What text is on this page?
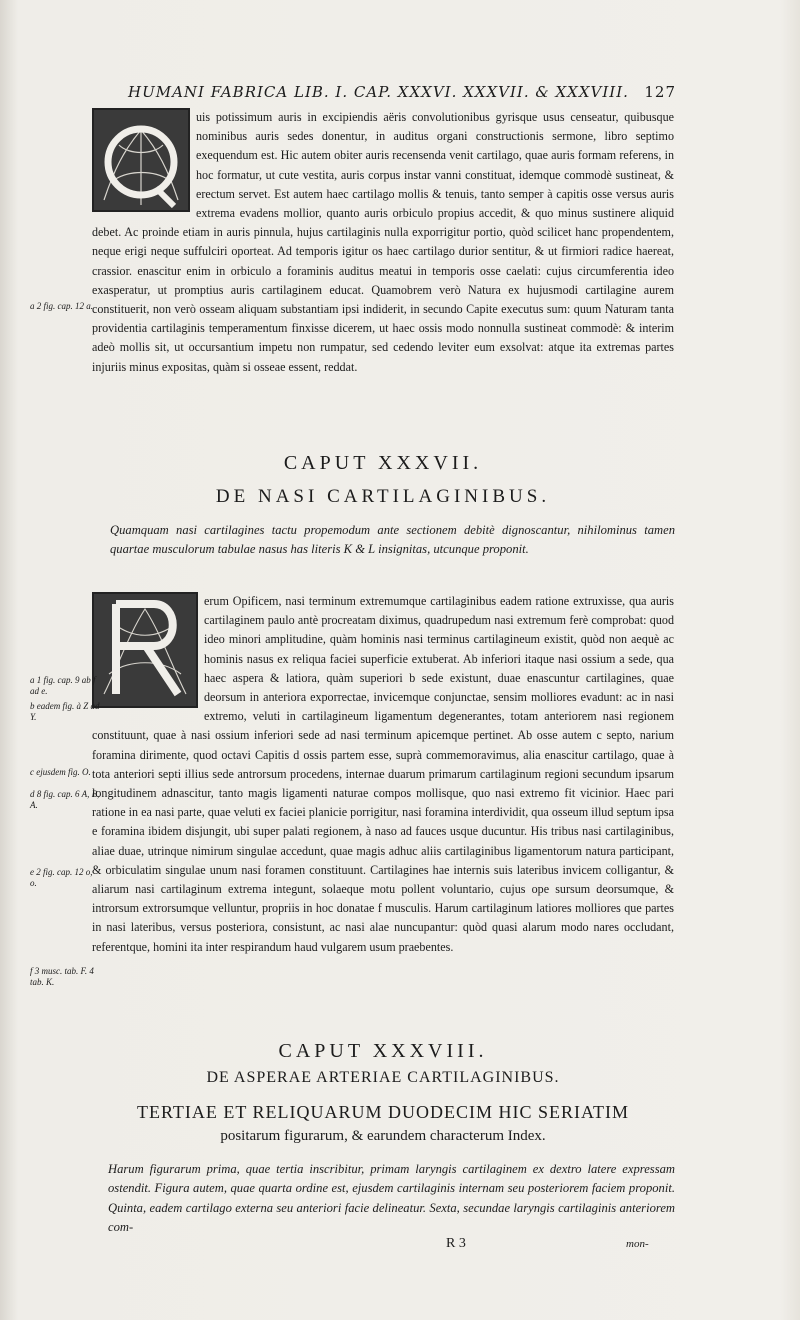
HUMANI FABRICA LIB. I. CAP. XXXVI. XXXVII. & XXXVIII. 127
uis potissimum auris in excipiendis aëris convolutionibus gyrisque usus censeatur, quibusque nominibus auris sedes donentur, in auditus organi constructionis sermone, libro septimo exequendum est. Hic autem obiter auris recensenda venit cartilago, quae auris formam referens, in hoc formatur, ut cute vestita, auris corpus instar vanni constituat, idemque commodè sustineat, & erectum servet. Est autem haec cartilago mollis & tenuis, tanto semper à capitis osse versus auris extrema evadens mollior, quanto auris orbiculo propius accedit, & quo minus sustinere aliquid debet. Ac proinde etiam in auris pinnula, hujus cartilaginis nulla exporrigitur portio, quòd scilicet hanc propendentem, neque erigi neque suffulciri oporteat. Ad temporis igitur os haec cartilago durior sentitur, & ut firmiori radice haereat, crassior. enascitur enim in orbiculo a foraminis auditus meatui in temporis osse caelati: cujus circumferentia ideo exasperatur, ut promptius auris cartilaginem educat. Quamobrem verò Natura ex hujusmodi cartilagine aurem constituerit, non verò osseam aliquam substantiam ipsi indiderit, in secundo Capite executus sum: quum Naturam tanta providentia cartilaginis temperamentum finxisse dicerem, ut haec ossis modo nonnulla sustineat commodè: & interim adeò mollis sit, ut occursantium impetu non rumpatur, sed cedendo leviter eum exsolvat: atque ita extremas partes injuriis minus expositas, quàm si osseae essent, reddat.
a 2 fig. cap. 12 a.
CAPUT XXXVII.
DE NASI CARTILAGINIBUS.
Quamquam nasi cartilagines tactu propemodum ante sectionem debitè dignoscantur, nihilominus tamen quartae musculorum tabulae nasus has literis K & L insignitas, utcunque proponit.
erum Opificem, nasi terminum extremumque cartilaginibus eadem ratione extruxisse, qua auris cartilaginem paulo antè procreatam diximus, quadrupedum nasi extremum ferè comprobat: quod ideo minori amplitudine, quàm hominis nasi terminus cartilagineum existit, quòd non aequè ac hominis nasus ex reliqua faciei superficie extuberat. Ab inferiori itaque nasi ossium a sede, qua haec aspera & latiora, quàm superiori b sede existunt, duae enascuntur cartilagines, quae deorsum in anteriora exporrectae, invicemque conjunctae, sensim molliores evadunt: ac in nasi extremo, veluti in cartilagineum ligamentum degenerantes, totam anteriorem nasi regionem constituunt, quae à nasi ossium inferiori sede ad nasi terminum apicemque pertinet. Ab osse autem c septo, narium foramina dirimente, quod octavi Capitis d ossis partem esse, suprà commemoravimus, alia enascitur cartilago, quae à tota anteriori septi illius sede antrorsum procedens, internae duarum primarum cartilaginum regioni secundum ipsarum longitudinem adnascitur, tanto magis ligamenti naturae compos mollisque, quo nasi extremo fit vicinior. Haec pari ratione in ea nasi parte, quae veluti ex faciei planicie porrigitur, nasi foramina interdividit, qua osseum illud septum ipsa e foramina ibidem disjungit, ubi super palati regionem, à naso ad fauces usque ducuntur. His tribus nasi cartilaginibus, aliae duae, utrinque nimirum singulae accedunt, quae magis adhuc aliis cartilaginibus ligamentorum natura participant, & orbiculatim singulae unum nasi foramen constituunt. Cartilagines hae internis suis lateribus invicem colligantur, & aliarum nasi cartilaginum extrema integunt, solaeque motu pollent voluntario, cujus ope sursum deorsumque, & introrsum extrorsumque velluntur, propriis in hoc donatae f musculis. Harum cartilaginum latiores molliores que partes in nasi lateribus, versus posteriora, consistunt, ac nasi alae nuncupantur: quòd quasi alarum modo nares occludant, referentque, homini ita inter respirandum haud vulgarem usum praebentes.
a 1 fig. cap. 9 ab f ad e.
b eadem fig. à Z ad Y.
c ejusdem fig. O.
d 8 fig. cap. 6 A, B, A.
e 2 fig. cap. 12 o, o.
f 3 musc. tab. F. 4 tab. K.
CAPUT XXXVIII.
DE ASPERAE ARTERIAE CARTILAGINIBUS.
TERTIAE ET RELIQUARUM DUODECIM HIC SERIATIM
positarum figurarum, & earundem characterum Index.
Harum figurarum prima, quae tertia inscribitur, primam laryngis cartilaginem ex dextro latere expressam ostendit. Figura autem, quae quarta ordine est, ejusdem cartilaginis internam seu posteriorem faciem proponit. Quinta, eadem cartilago externa seu anteriori facie delineatur. Sexta, secundae laryngis cartilaginis anteriorem com-
R 3	mon-
